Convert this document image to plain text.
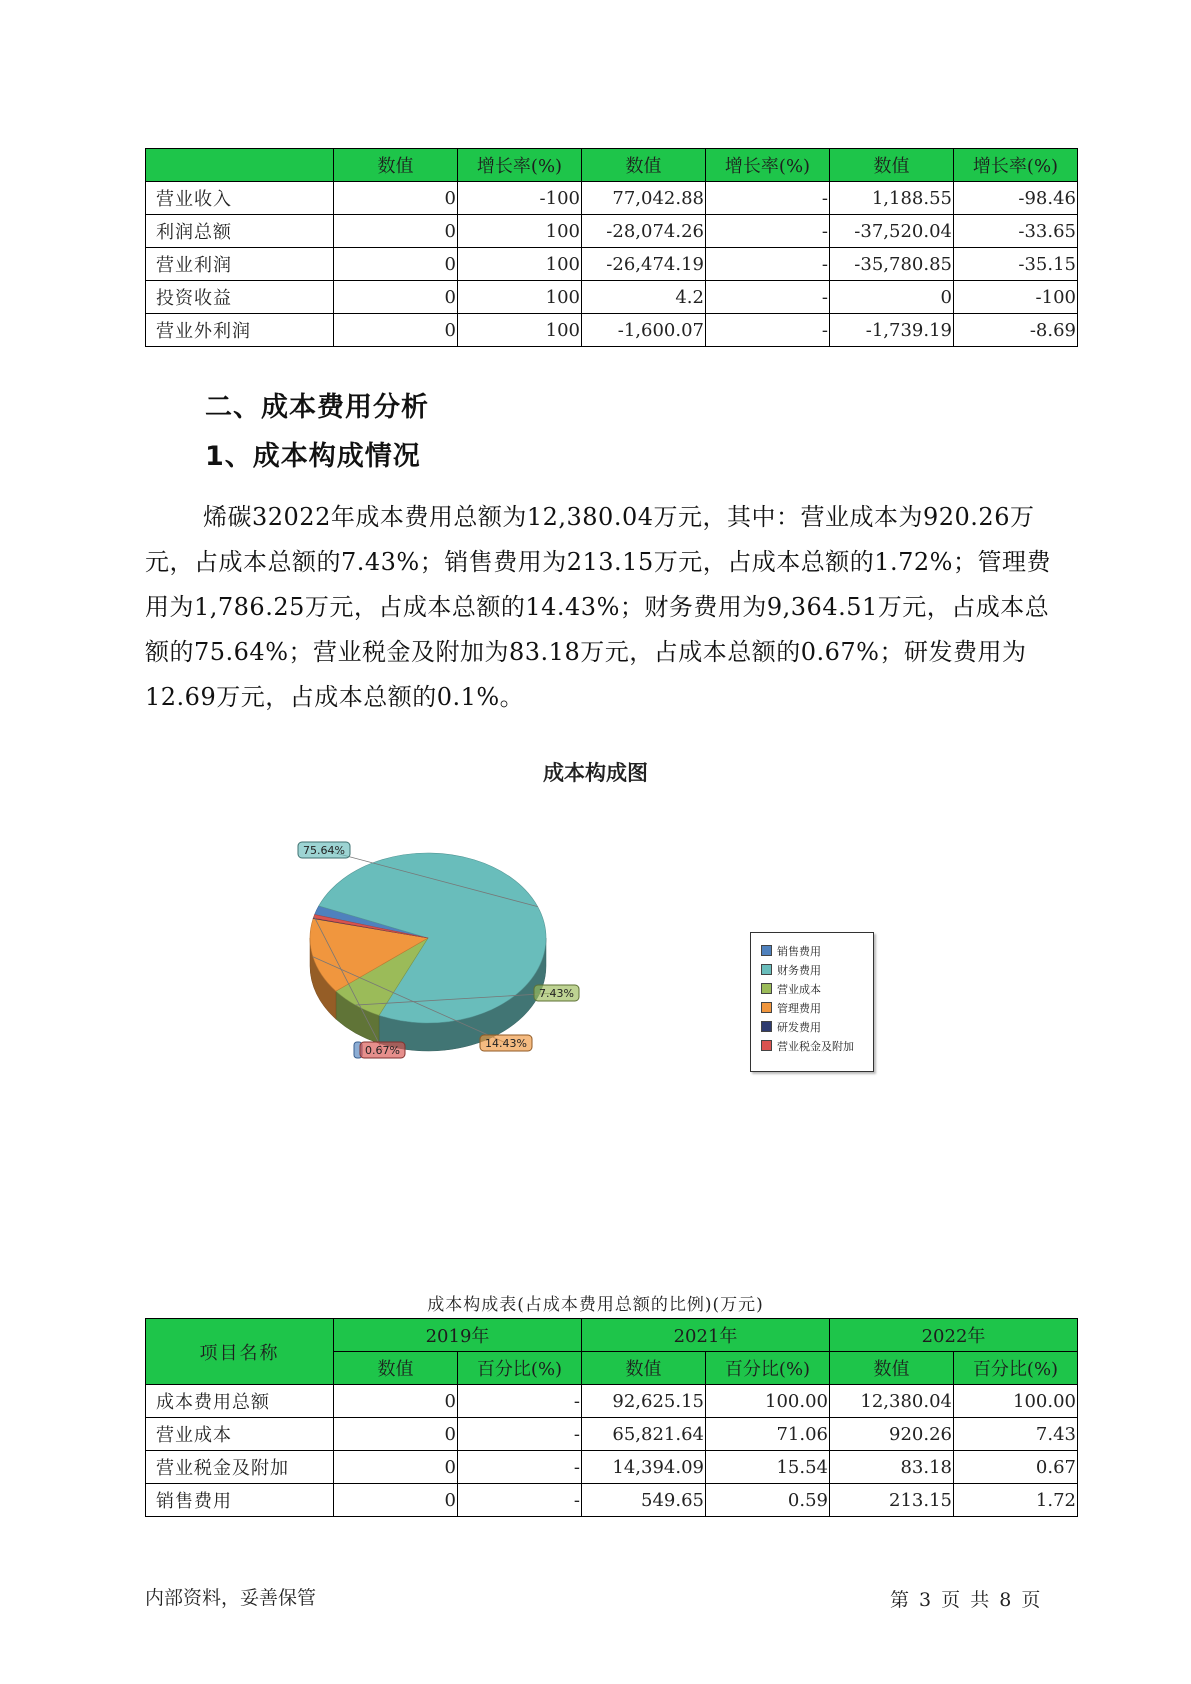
	数值	增长率(%)	数值	增长率(%)	数值	增长率(%)
营业收入	0	-100	77,042.88	-	1,188.55	-98.46
利润总额	0	100	-28,074.26	-	-37,520.04	-33.65
营业利润	0	100	-26,474.19	-	-35,780.85	-35.15
投资收益	0	100	4.2	-	0	-100
营业外利润	0	100	-1,600.07	-	-1,739.19	-8.69
二、成本费用分析
1、成本构成情况
烯碳32022年成本费用总额为12,380.04万元，其中：营业成本为920.26万元，占成本总额的7.43%；销售费用为213.15万元，占成本总额的1.72%；管理费用为1,786.25万元，占成本总额的14.43%；财务费用为9,364.51万元，占成本总额的75.64%；营业税金及附加为83.18万元，占成本总额的0.67%；研发费用为12.69万元，占成本总额的0.1%。
成本构成图
75.64%
7.43%
14.43%
0.67%
销售费用
财务费用
营业成本
管理费用
研发费用
营业税金及附加
成本构成表(占成本费用总额的比例)(万元)
项目名称	2019年		2021年		2022年	
	数值	百分比(%)	数值	百分比(%)	数值	百分比(%)
成本费用总额	0	-	92,625.15	100.00	12,380.04	100.00
营业成本	0	-	65,821.64	71.06	920.26	7.43
营业税金及附加	0	-	14,394.09	15.54	83.18	0.67
销售费用	0	-	549.65	0.59	213.15	1.72
内部资料，妥善保管	第 3 页 共 8 页
